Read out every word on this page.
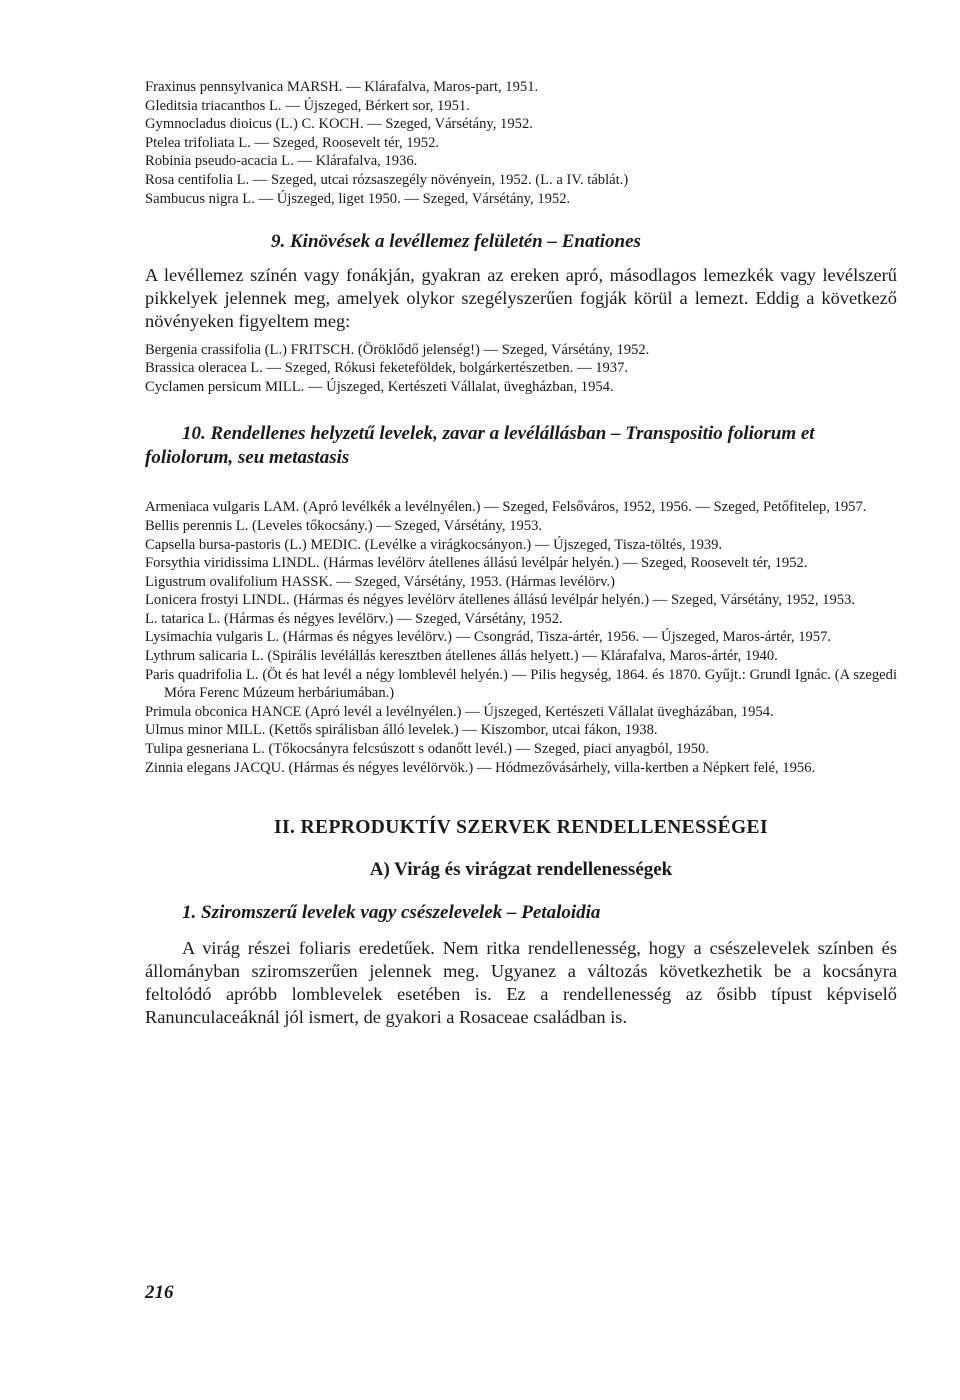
Fraxinus pennsylvanica MARSH. — Klárafalva, Maros-part, 1951.
Gleditsia triacanthos L. — Újszeged, Bérkert sor, 1951.
Gymnocladus dioicus (L.) C. KOCH. — Szeged, Vársétány, 1952.
Ptelea trifoliata L. — Szeged, Roosevelt tér, 1952.
Robinia pseudo-acacia L. — Klárafalva, 1936.
Rosa centifolia L. — Szeged, utcai rózsaszegély növényein, 1952. (L. a IV. táblát.)
Sambucus nigra L. — Újszeged, liget 1950. — Szeged, Vársétány, 1952.
9. Kinövések a levéllemez felületén – Enationes

A levéllemez színén vagy fonákján, gyakran az ereken apró, másodlagos lemezkék vagy levélszerű pikkelyek jelennek meg, amelyek olykor szegélyszerűen fogják körül a lemezt. Eddig a következő növényeken figyeltem meg:

Bergenia crassifolia (L.) FRITSCH. (Öröklődő jelenség!) — Szeged, Vársétány, 1952.
Brassica oleracea L. — Szeged, Rókusi feketeföldek, bolgárkertészetben. — 1937.
Cyclamen persicum MILL. — Újszeged, Kertészeti Vállalat, üvegházban, 1954.
10. Rendellenes helyzetű levelek, zavar a levélállásban – Transpositio foliorum et foliolorum, seu metastasis
Armeniaca vulgaris LAM. (Apró levélkék a levélnyélen.) — Szeged, Felsőváros, 1952, 1956. — Szeged, Petőfitelep, 1957.
Bellis perennis L. (Leveles tőkocsány.) — Szeged, Vársétány, 1953.
Capsella bursa-pastoris (L.) MEDIC. (Levélke a virágkocsányon.) — Újszeged, Tisza-töltés, 1939.
Forsythia viridissima LINDL. (Hármas levélörv átellenes állású levélpár helyén.) — Szeged, Roosevelt tér, 1952.
Ligustrum ovalifolium HASSK. — Szeged, Vársétány, 1953. (Hármas levélörv.)
Lonicera frostyi LINDL. (Hármas és négyes levélörv átellenes állású levélpár helyén.) — Szeged, Vársétány, 1952, 1953.
L. tatarica L. (Hármas és négyes levélörv.) — Szeged, Vársétány, 1952.
Lysimachia vulgaris L. (Hármas és négyes levélörv.) — Csongrád, Tisza-ártér, 1956. — Újszeged, Maros-ártér, 1957.
Lythrum salicaria L. (Spirális levélállás keresztben átellenes állás helyett.) — Klárafalva, Maros-ártér, 1940.
Paris quadrifolia L. (Öt és hat levél a négy lomblevél helyén.) — Pilis hegység, 1864. és 1870. Gyűjt.: Grundl Ignác. (A szegedi Móra Ferenc Múzeum herbáriumában.)
Primula obconica HANCE (Apró levél a levélnyélen.) — Újszeged, Kertészeti Vállalat üvegházában, 1954.
Ulmus minor MILL. (Kettős spirálisban álló levelek.) — Kiszombor, utcai fákon, 1938.
Tulipa gesneriana L. (Tőkocsányra felcsúszott s odanőtt levél.) — Szeged, piaci anyagból, 1950.
Zinnia elegans JACQU. (Hármas és négyes levélörvök.) — Hódmezővásárhely, villa-kertben a Népkert felé, 1956.
II. REPRODUKTÍV SZERVEK RENDELLENESSÉGEI
A) Virág és virágzat rendellenességek
1. Sziromszerű levelek vagy csészelevelek – Petaloidia

A virág részei foliaris eredetűek. Nem ritka rendellenesség, hogy a csészelevelek színben és állományban sziromszerűen jelennek meg. Ugyanez a változás következhetik be a kocsányra feltolódó apróbb lomblevelek esetében is. Ez a rendellenesség az ősibb típust képviselő Ranunculaceáknál jól ismert, de gyakori a Rosaceae családban is.

216
